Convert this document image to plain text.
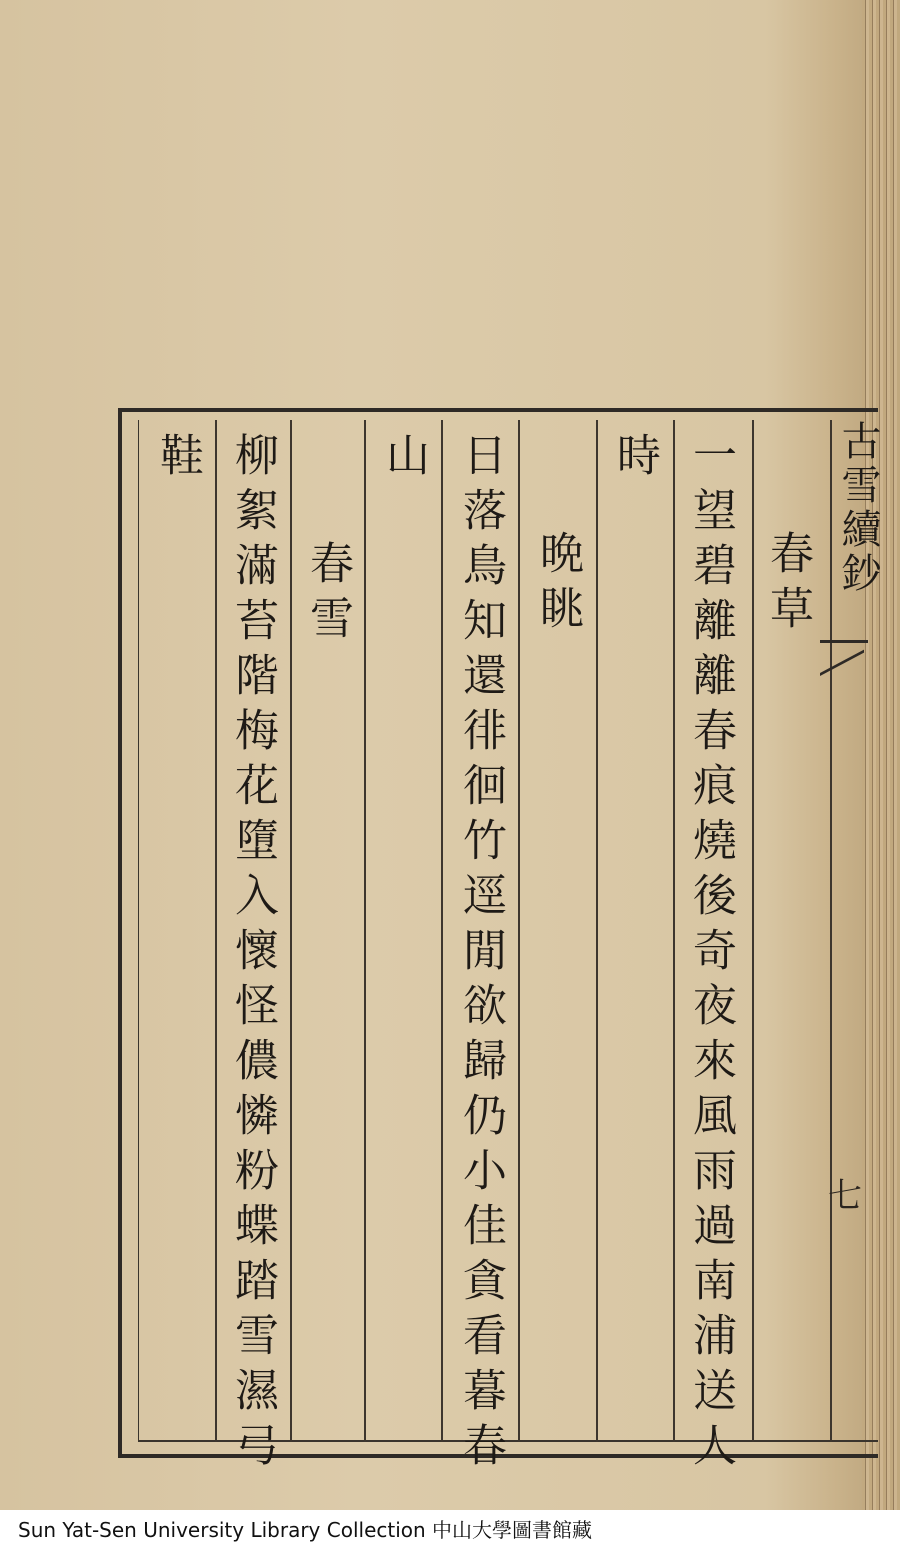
古雪續鈔
七
春草
一望碧離離春痕燒後奇夜來風雨過南浦送人
時
晩眺
日落鳥知還徘徊竹逕閒欲歸仍小佳貪看暮春
山
春雪
柳絮滿苔階梅花墮入懷怪儂憐粉蝶踏雪濕弓
鞋
Sun Yat-Sen University Library Collection 中山大學圖書館藏
